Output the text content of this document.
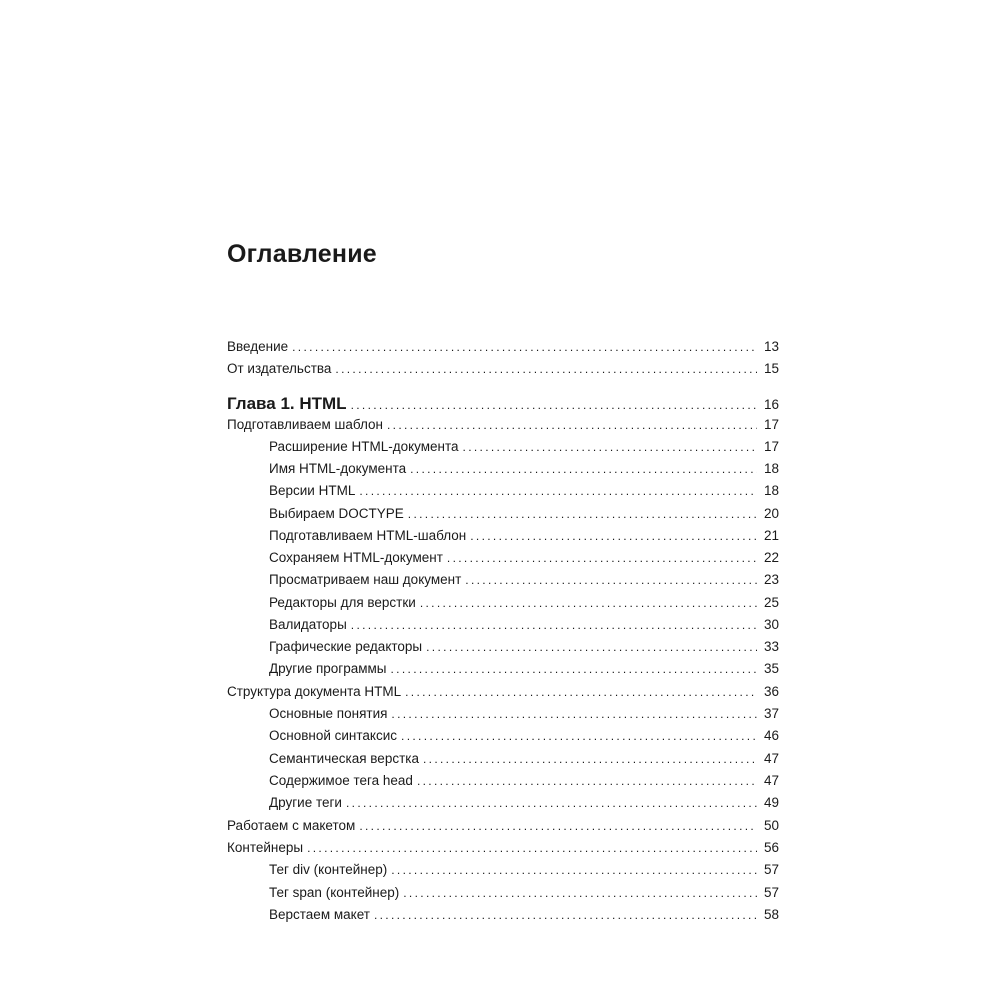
Оглавление
Введение . . .	13
От издательства . . .	15
Глава 1. HTML . . .	16
Подготавливаем шаблон . . .	17
Расширение HTML-документа . . .	17
Имя HTML-документа . . .	18
Версии HTML . . .	18
Выбираем DOCTYPE . . .	20
Подготавливаем HTML-шаблон . . .	21
Сохраняем HTML-документ . . .	22
Просматриваем наш документ . . .	23
Редакторы для верстки . . .	25
Валидаторы . . .	30
Графические редакторы . . .	33
Другие программы . . .	35
Структура документа HTML . . .	36
Основные понятия . . .	37
Основной синтаксис . . .	46
Семантическая верстка . . .	47
Содержимое тега head . . .	47
Другие теги . . .	49
Работаем с макетом . . .	50
Контейнеры . . .	56
Тег div (контейнер) . . .	57
Тег span (контейнер) . . .	57
Верстаем макет . . .	58
